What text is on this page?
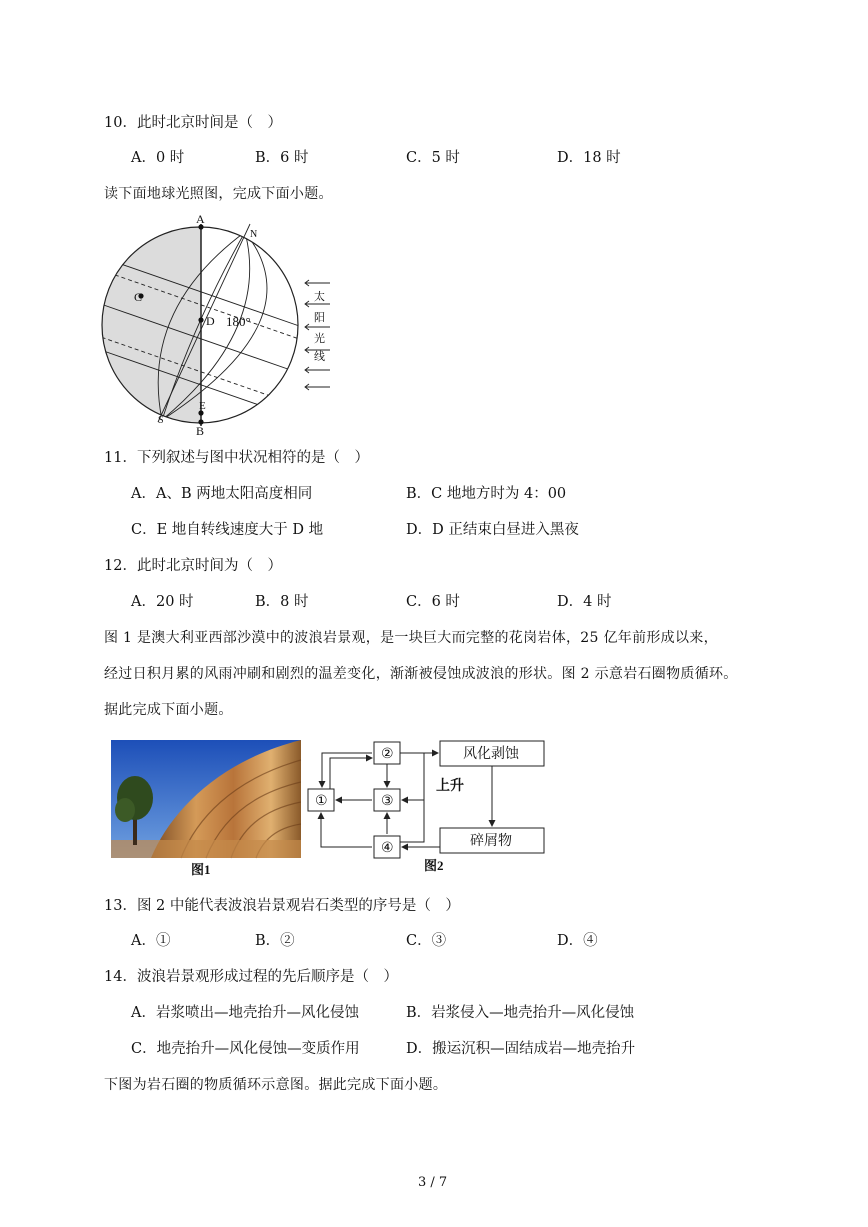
10．此时北京时间是（　）
A．0 时	B．6 时	C．5 时	D．18 时
读下面地球光照图，完成下面小题。
A
N
C
D 180°
E
B
S
太
阳
光
线
11．下列叙述与图中状况相符的是（　）
A．A、B 两地太阳高度相同	B．C 地地方时为 4：00
C．E 地自转线速度大于 D 地	D．D 正结束白昼进入黑夜
12．此时北京时间为（　）
A．20 时	B．8 时	C．6 时	D．4 时
图 1 是澳大利亚西部沙漠中的波浪岩景观，是一块巨大而完整的花岗岩体，25 亿年前形成以来，
经过日积月累的风雨冲刷和剧烈的温差变化，渐渐被侵蚀成波浪的形状。图 2 示意岩石圈物质循环。
据此完成下面小题。
图1
①
②
③
④
风化剥蚀
碎屑物
上升
图2
13．图 2 中能代表波浪岩景观岩石类型的序号是（　）
A．①	B．②	C．③	D．④
14．波浪岩景观形成过程的先后顺序是（　）
A．岩浆喷出—地壳抬升—风化侵蚀	B．岩浆侵入—地壳抬升—风化侵蚀
C．地壳抬升—风化侵蚀—变质作用	D．搬运沉积—固结成岩—地壳抬升
下图为岩石圈的物质循环示意图。据此完成下面小题。
3 / 7
